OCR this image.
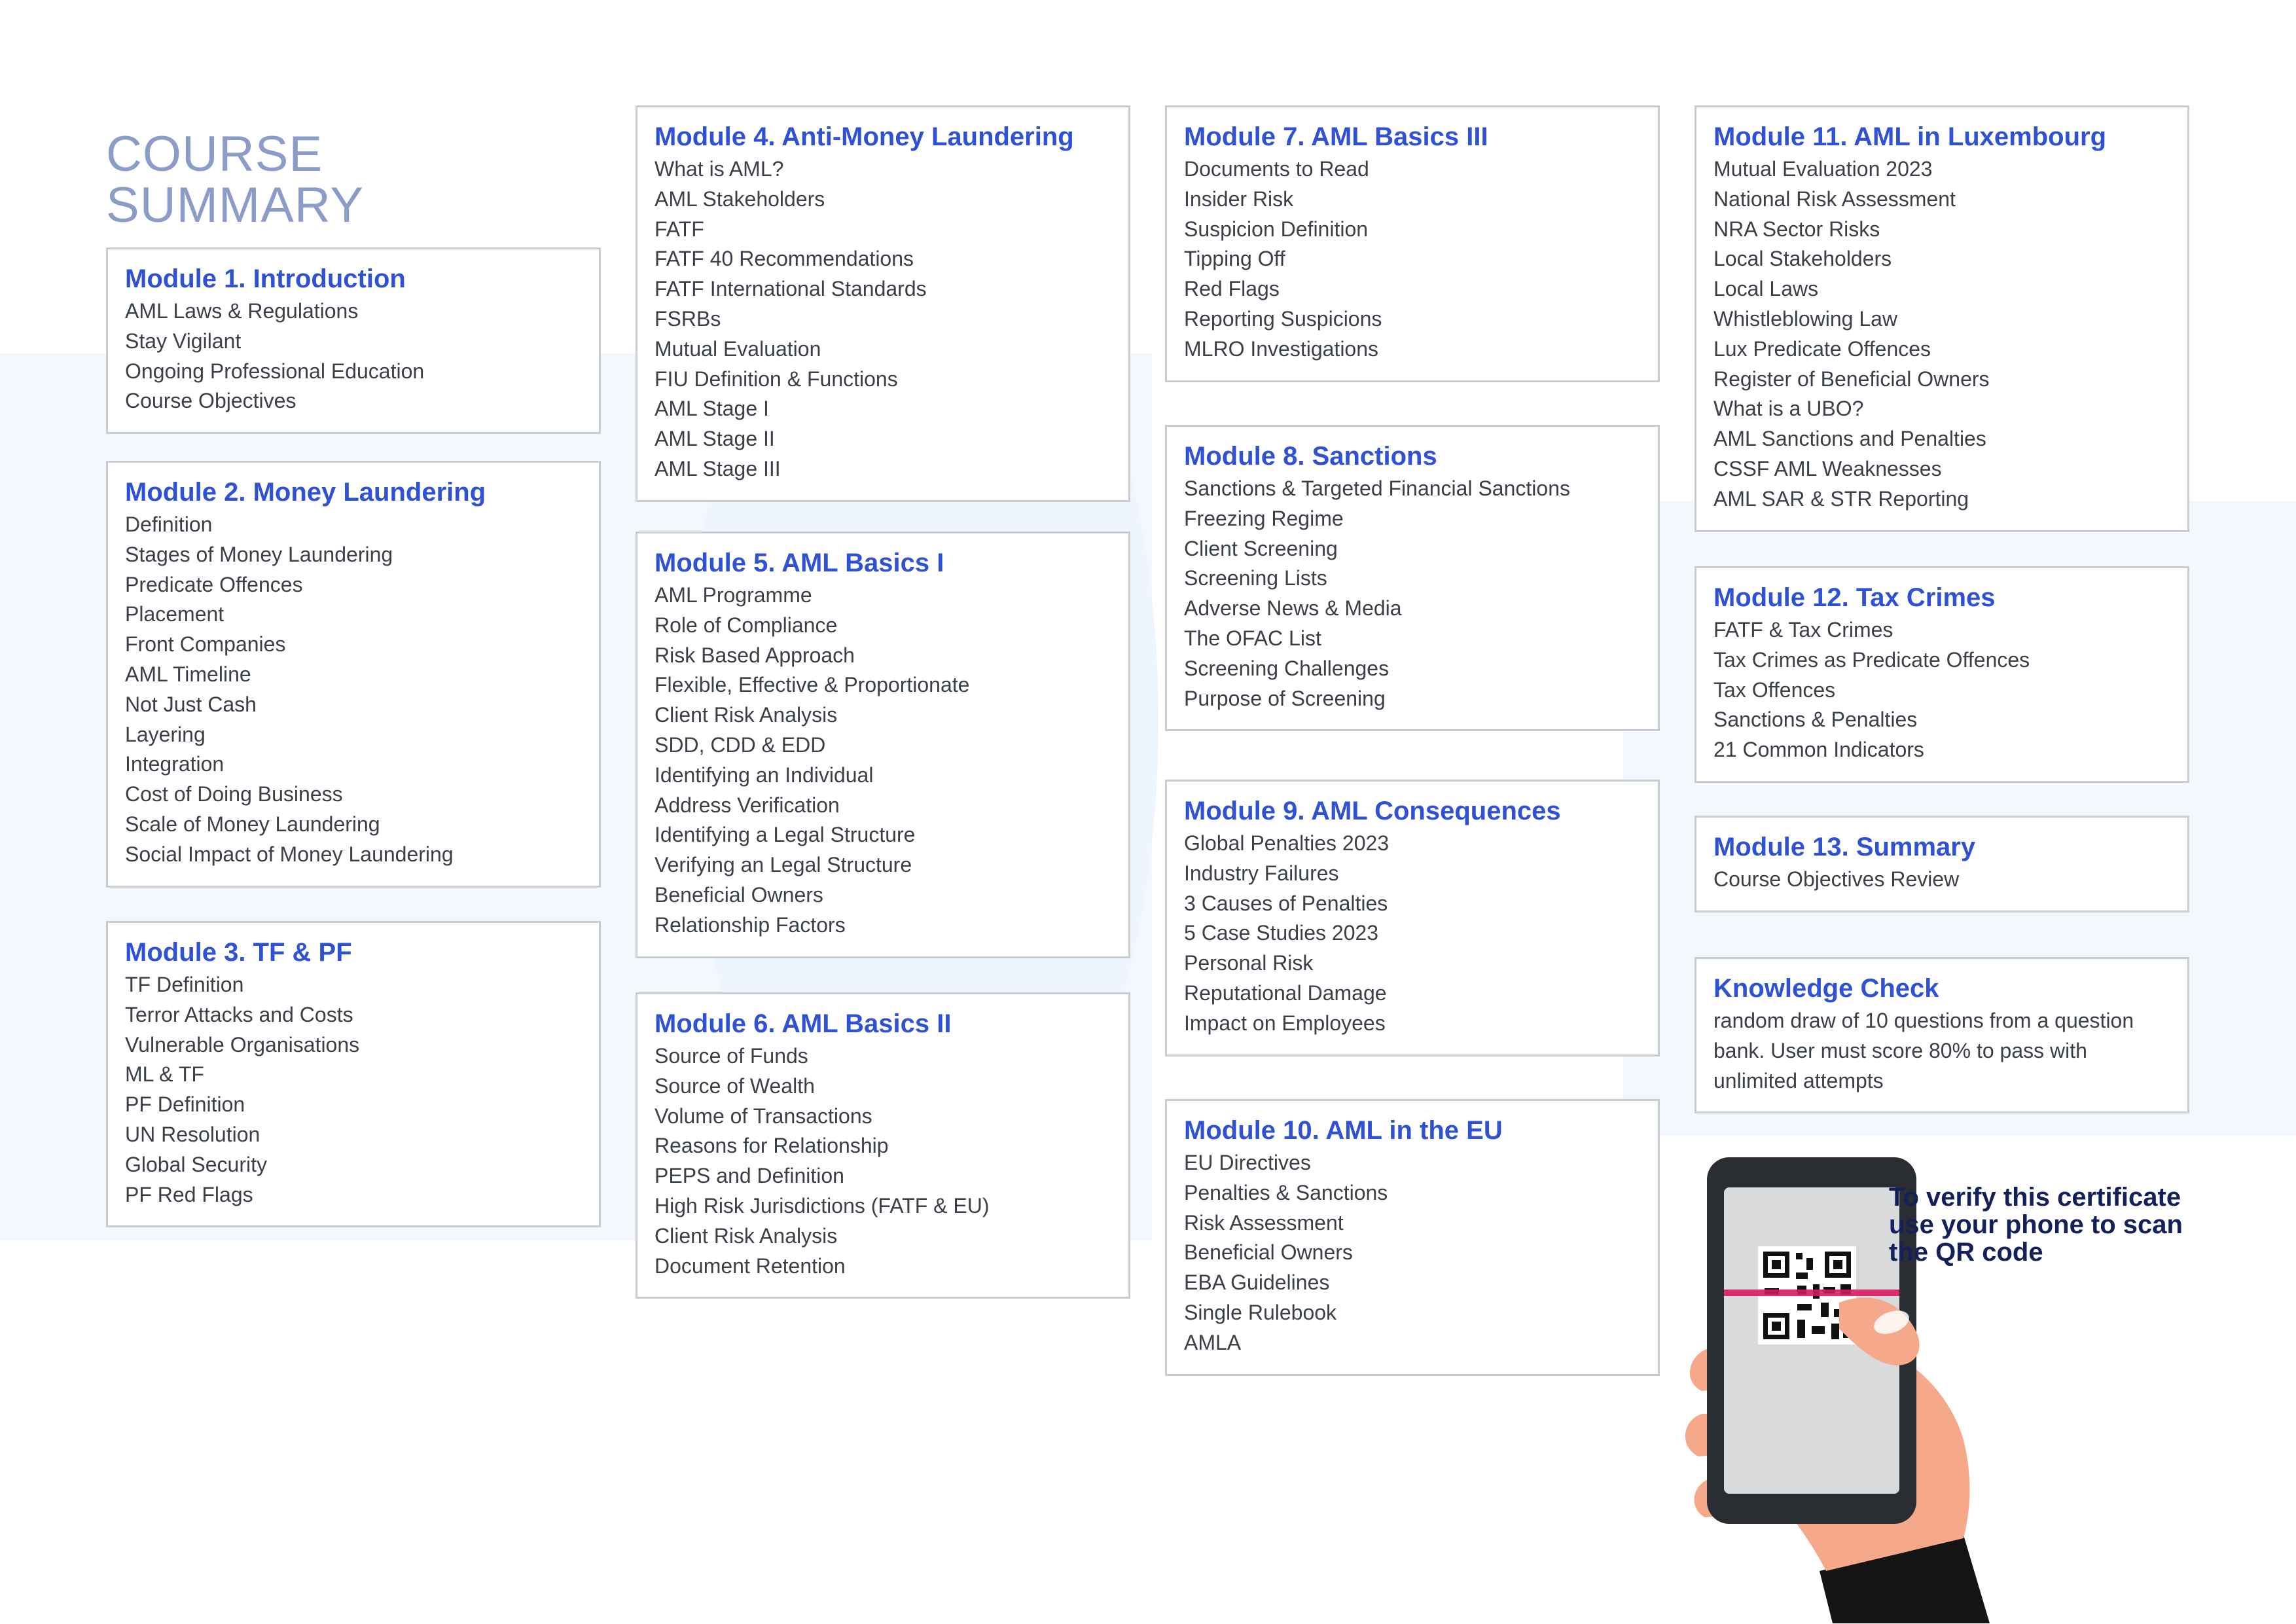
COURSE
SUMMARY
Module 1. Introduction
AML Laws & Regulations
Stay Vigilant
Ongoing Professional Education
Course Objectives
Module 2. Money Laundering
Definition
Stages of Money Laundering
Predicate Offences
Placement
Front Companies
AML Timeline
Not Just Cash
Layering
Integration
Cost of Doing Business
Scale of Money Laundering
Social Impact of Money Laundering
Module 3. TF & PF
TF Definition
Terror Attacks and Costs
Vulnerable Organisations
ML & TF
PF Definition
UN Resolution
Global Security
PF Red Flags
Module 4. Anti-Money Laundering
What is AML?
AML Stakeholders
FATF
FATF 40 Recommendations
FATF International Standards
FSRBs
Mutual Evaluation
FIU Definition & Functions
AML Stage I
AML Stage II
AML Stage III
Module 5. AML Basics I
AML Programme
Role of Compliance
Risk Based Approach
Flexible, Effective & Proportionate
Client Risk Analysis
SDD, CDD & EDD
Identifying an Individual
Address Verification
Identifying a Legal Structure
Verifying an Legal Structure
Beneficial Owners
Relationship Factors
Module 6. AML Basics II
Source of Funds
Source of Wealth
Volume of Transactions
Reasons for Relationship
PEPS and Definition
High Risk Jurisdictions (FATF & EU)
Client Risk Analysis
Document Retention
Module 7. AML Basics III
Documents to Read
Insider Risk
Suspicion Definition
Tipping Off
Red Flags
Reporting Suspicions
MLRO Investigations
Module 8. Sanctions
Sanctions & Targeted Financial Sanctions
Freezing Regime
Client Screening
Screening Lists
Adverse News & Media
The OFAC List
Screening Challenges
Purpose of Screening
Module 9. AML Consequences
Global Penalties 2023
Industry Failures
3 Causes of Penalties
5 Case Studies 2023
Personal Risk
Reputational Damage
Impact on Employees
Module 10. AML in the EU
EU Directives
Penalties & Sanctions
Risk Assessment
Beneficial Owners
EBA Guidelines
Single Rulebook
AMLA
Module 11. AML in Luxembourg
Mutual Evaluation 2023
National Risk Assessment
NRA Sector Risks
Local Stakeholders
Local Laws
Whistleblowing Law
Lux Predicate Offences
Register of Beneficial Owners
What is a UBO?
AML Sanctions and Penalties
CSSF AML Weaknesses
AML SAR & STR Reporting
Module 12. Tax Crimes
FATF & Tax Crimes
Tax Crimes as Predicate Offences
Tax Offences
Sanctions & Penalties
21 Common Indicators
Module 13. Summary
Course Objectives Review
Knowledge Check

random draw of 10 questions from a question bank. User must score 80% to pass with unlimited attempts

To verify this certificate use your phone to scan the QR code
